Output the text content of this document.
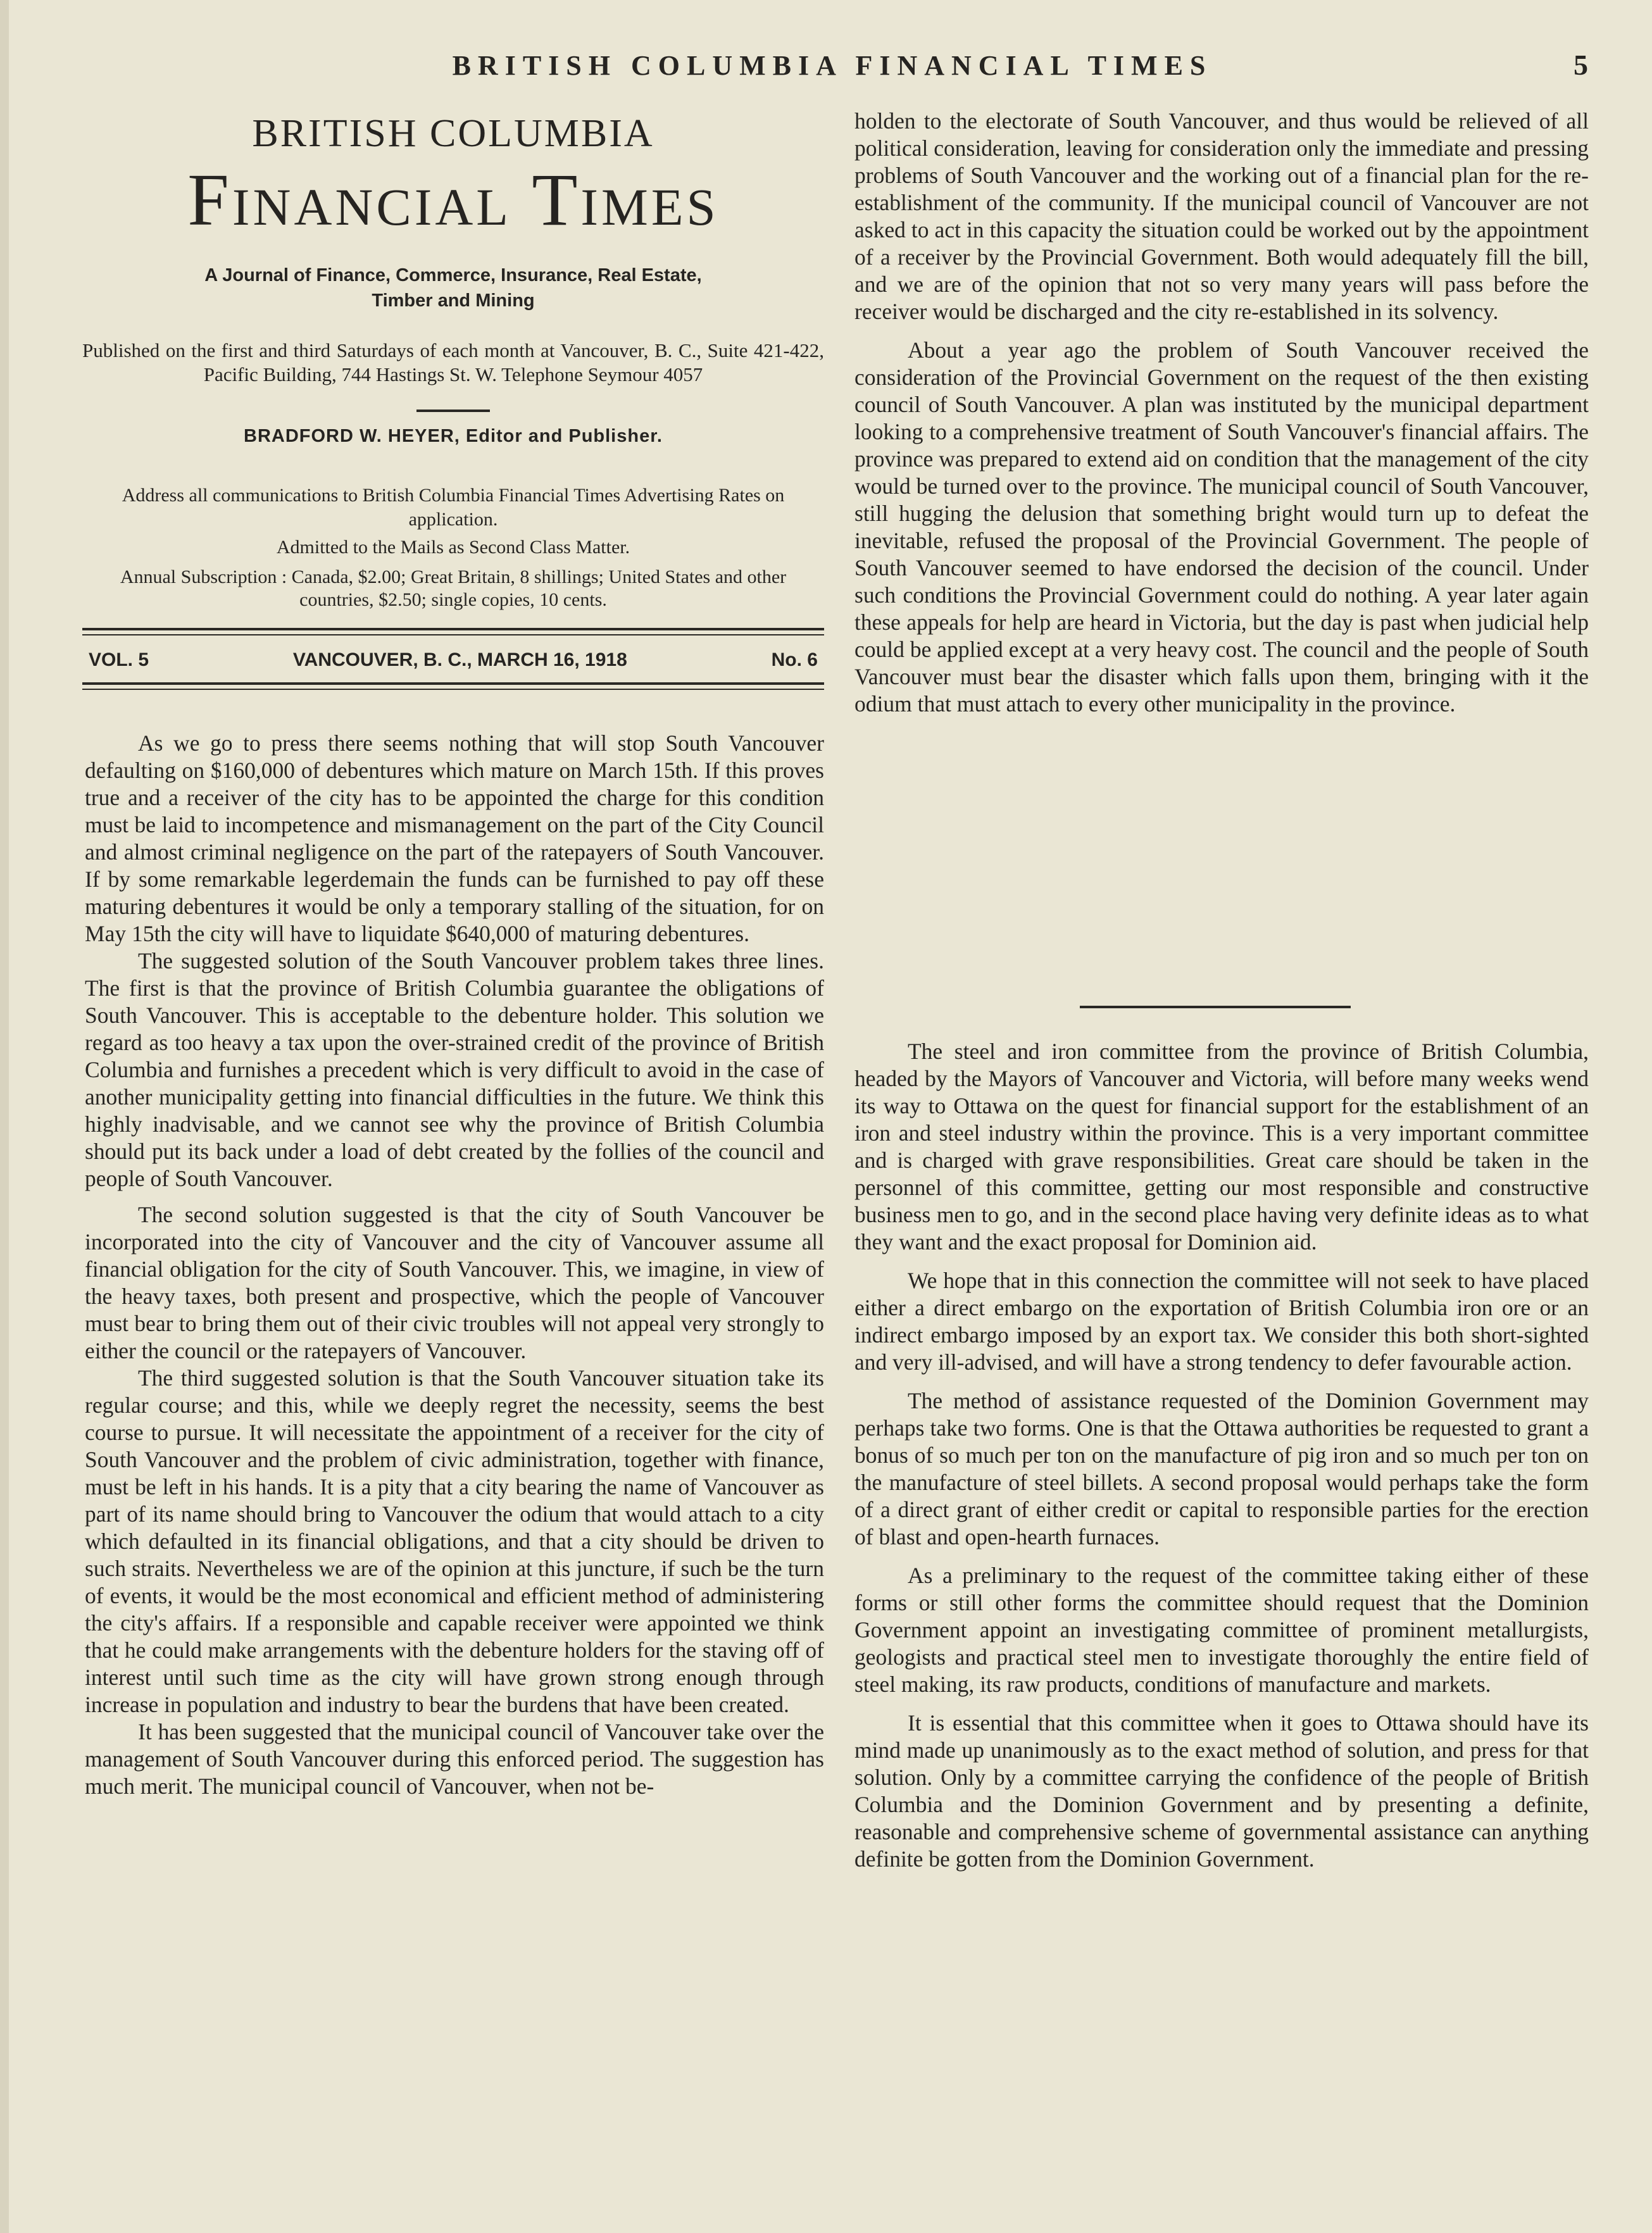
BRITISH COLUMBIA FINANCIAL TIMES	5
BRITISH COLUMBIA
Financial Times
A Journal of Finance, Commerce, Insurance, Real Estate, Timber and Mining
Published on the first and third Saturdays of each month at Vancouver, B. C., Suite 421-422, Pacific Building, 744 Hastings St. W. Telephone Seymour 4057
BRADFORD W. HEYER, Editor and Publisher.
Address all communications to British Columbia Financial Times Advertising Rates on application.
Admitted to the Mails as Second Class Matter.
Annual Subscription : Canada, $2.00; Great Britain, 8 shillings; United States and other countries, $2.50; single copies, 10 cents.
VOL. 5	VANCOUVER, B. C., MARCH 16, 1918	No. 6

As we go to press there seems nothing that will stop South Vancouver defaulting on $160,000 of debentures which mature on March 15th. If this proves true and a receiver of the city has to be appointed the charge for this condition must be laid to incompetence and mismanagement on the part of the City Council and almost criminal negligence on the part of the ratepayers of South Vancouver. If by some remarkable legerdemain the funds can be furnished to pay off these maturing debentures it would be only a temporary stalling of the situation, for on May 15th the city will have to liquidate $640,000 of maturing debentures.

The suggested solution of the South Vancouver problem takes three lines. The first is that the province of British Columbia guarantee the obligations of South Vancouver. This is acceptable to the debenture holder. This solution we regard as too heavy a tax upon the over-strained credit of the province of British Columbia and furnishes a precedent which is very difficult to avoid in the case of another municipality getting into financial difficulties in the future. We think this highly inadvisable, and we cannot see why the province of British Columbia should put its back under a load of debt created by the follies of the council and people of South Vancouver.

The second solution suggested is that the city of South Vancouver be incorporated into the city of Vancouver and the city of Vancouver assume all financial obligation for the city of South Vancouver. This, we imagine, in view of the heavy taxes, both present and prospective, which the people of Vancouver must bear to bring them out of their civic troubles will not appeal very strongly to either the council or the ratepayers of Vancouver.

The third suggested solution is that the South Vancouver situation take its regular course; and this, while we deeply regret the necessity, seems the best course to pursue. It will necessitate the appointment of a receiver for the city of South Vancouver and the problem of civic administration, together with finance, must be left in his hands. It is a pity that a city bearing the name of Vancouver as part of its name should bring to Vancouver the odium that would attach to a city which defaulted in its financial obligations, and that a city should be driven to such straits. Nevertheless we are of the opinion at this juncture, if such be the turn of events, it would be the most economical and efficient method of administering the city's affairs. If a responsible and capable receiver were appointed we think that he could make arrangements with the debenture holders for the staving off of interest until such time as the city will have grown strong enough through increase in population and industry to bear the burdens that have been created.

It has been suggested that the municipal council of Vancouver take over the management of South Vancouver during this enforced period. The suggestion has much merit. The municipal council of Vancouver, when not be-

holden to the electorate of South Vancouver, and thus would be relieved of all political consideration, leaving for consideration only the immediate and pressing problems of South Vancouver and the working out of a financial plan for the re-establishment of the community. If the municipal council of Vancouver are not asked to act in this capacity the situation could be worked out by the appointment of a receiver by the Provincial Government. Both would adequately fill the bill, and we are of the opinion that not so very many years will pass before the receiver would be discharged and the city re-established in its solvency.

About a year ago the problem of South Vancouver received the consideration of the Provincial Government on the request of the then existing council of South Vancouver. A plan was instituted by the municipal department looking to a comprehensive treatment of South Vancouver's financial affairs. The province was prepared to extend aid on condition that the management of the city would be turned over to the province. The municipal council of South Vancouver, still hugging the delusion that something bright would turn up to defeat the inevitable, refused the proposal of the Provincial Government. The people of South Vancouver seemed to have endorsed the decision of the council. Under such conditions the Provincial Government could do nothing. A year later again these appeals for help are heard in Victoria, but the day is past when judicial help could be applied except at a very heavy cost. The council and the people of South Vancouver must bear the disaster which falls upon them, bringing with it the odium that must attach to every other municipality in the province.

The steel and iron committee from the province of British Columbia, headed by the Mayors of Vancouver and Victoria, will before many weeks wend its way to Ottawa on the quest for financial support for the establishment of an iron and steel industry within the province. This is a very important committee and is charged with grave responsibilities. Great care should be taken in the personnel of this committee, getting our most responsible and constructive business men to go, and in the second place having very definite ideas as to what they want and the exact proposal for Dominion aid.

We hope that in this connection the committee will not seek to have placed either a direct embargo on the exportation of British Columbia iron ore or an indirect embargo imposed by an export tax. We consider this both short-sighted and very ill-advised, and will have a strong tendency to defer favourable action.

The method of assistance requested of the Dominion Government may perhaps take two forms. One is that the Ottawa authorities be requested to grant a bonus of so much per ton on the manufacture of pig iron and so much per ton on the manufacture of steel billets. A second proposal would perhaps take the form of a direct grant of either credit or capital to responsible parties for the erection of blast and open-hearth furnaces.

As a preliminary to the request of the committee taking either of these forms or still other forms the committee should request that the Dominion Government appoint an investigating committee of prominent metallurgists, geologists and practical steel men to investigate thoroughly the entire field of steel making, its raw products, conditions of manufacture and markets.

It is essential that this committee when it goes to Ottawa should have its mind made up unanimously as to the exact method of solution, and press for that solution. Only by a committee carrying the confidence of the people of British Columbia and the Dominion Government and by presenting a definite, reasonable and comprehensive scheme of governmental assistance can anything definite be gotten from the Dominion Government.
